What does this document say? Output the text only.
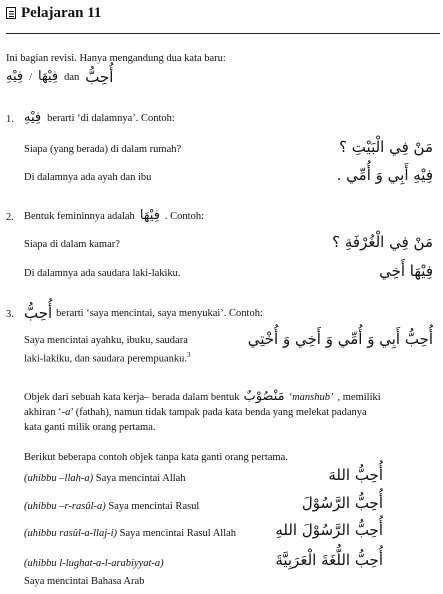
Pelajaran 11
Ini bagian revisi. Hanya mengandung dua kata baru:
فِيْهِ / فِيْهَا dan أُحِبُّ
1. فِيْهِ berarti ‘di dalamnya’. Contoh:
Siapa (yang berada) di dalam rumah?	مَنْ فِي الْبَيْتِ ؟
Di dalamnya ada ayah dan ibu	فِيْهِ أَبِي وَ أُمِّي .
2. Bentuk femininnya adalah فِيْهَا . Contoh:
Siapa di dalam kamar?	مَنْ فِي الْغُرْفَةِ ؟
Di dalamnya ada saudara laki-lakiku.	فِيْهَا أَخِي
3. أُحِبُّ berarti ‘saya mencintai, saya menyukai’. Contoh:
Saya mencintai ayahku, ibuku, saudara
laki-lakiku, dan saudara perempuanku.$^3$
أُحِبُّ أَبِي وَ أُمِّي وَ أَخِي وَ أُخْتِي
Objek dari sebuah kata kerja– berada dalam bentuk مَنْصُوْبٌ ‘manshub’ , memiliki
akhiran ‘-a’ (fathah), namun tidak tampak pada kata benda yang melekat padanya
kata ganti milik orang pertama.
Berikut beberapa contoh objek tanpa kata ganti orang pertama.
(uhibbu –llah-a) Saya mencintai Allah	أُحِبُّ اللهَ
(uhibbu –r-rasûl-a) Saya mencintai Rasul	أُحِبُّ الرَّسُوْلَ
(uhibbu rasûl-a-llaj-i) Saya mencintai Rasul Allah	أُحِبُّ الرَّسُوْلَ اللهِ
(uhibbu l-lughat-a-l-arabiyyat-a)
Saya mencintai Bahasa Arab
أُحِبُّ اللُّغَةَ الْعَرَبِيَّةَ
